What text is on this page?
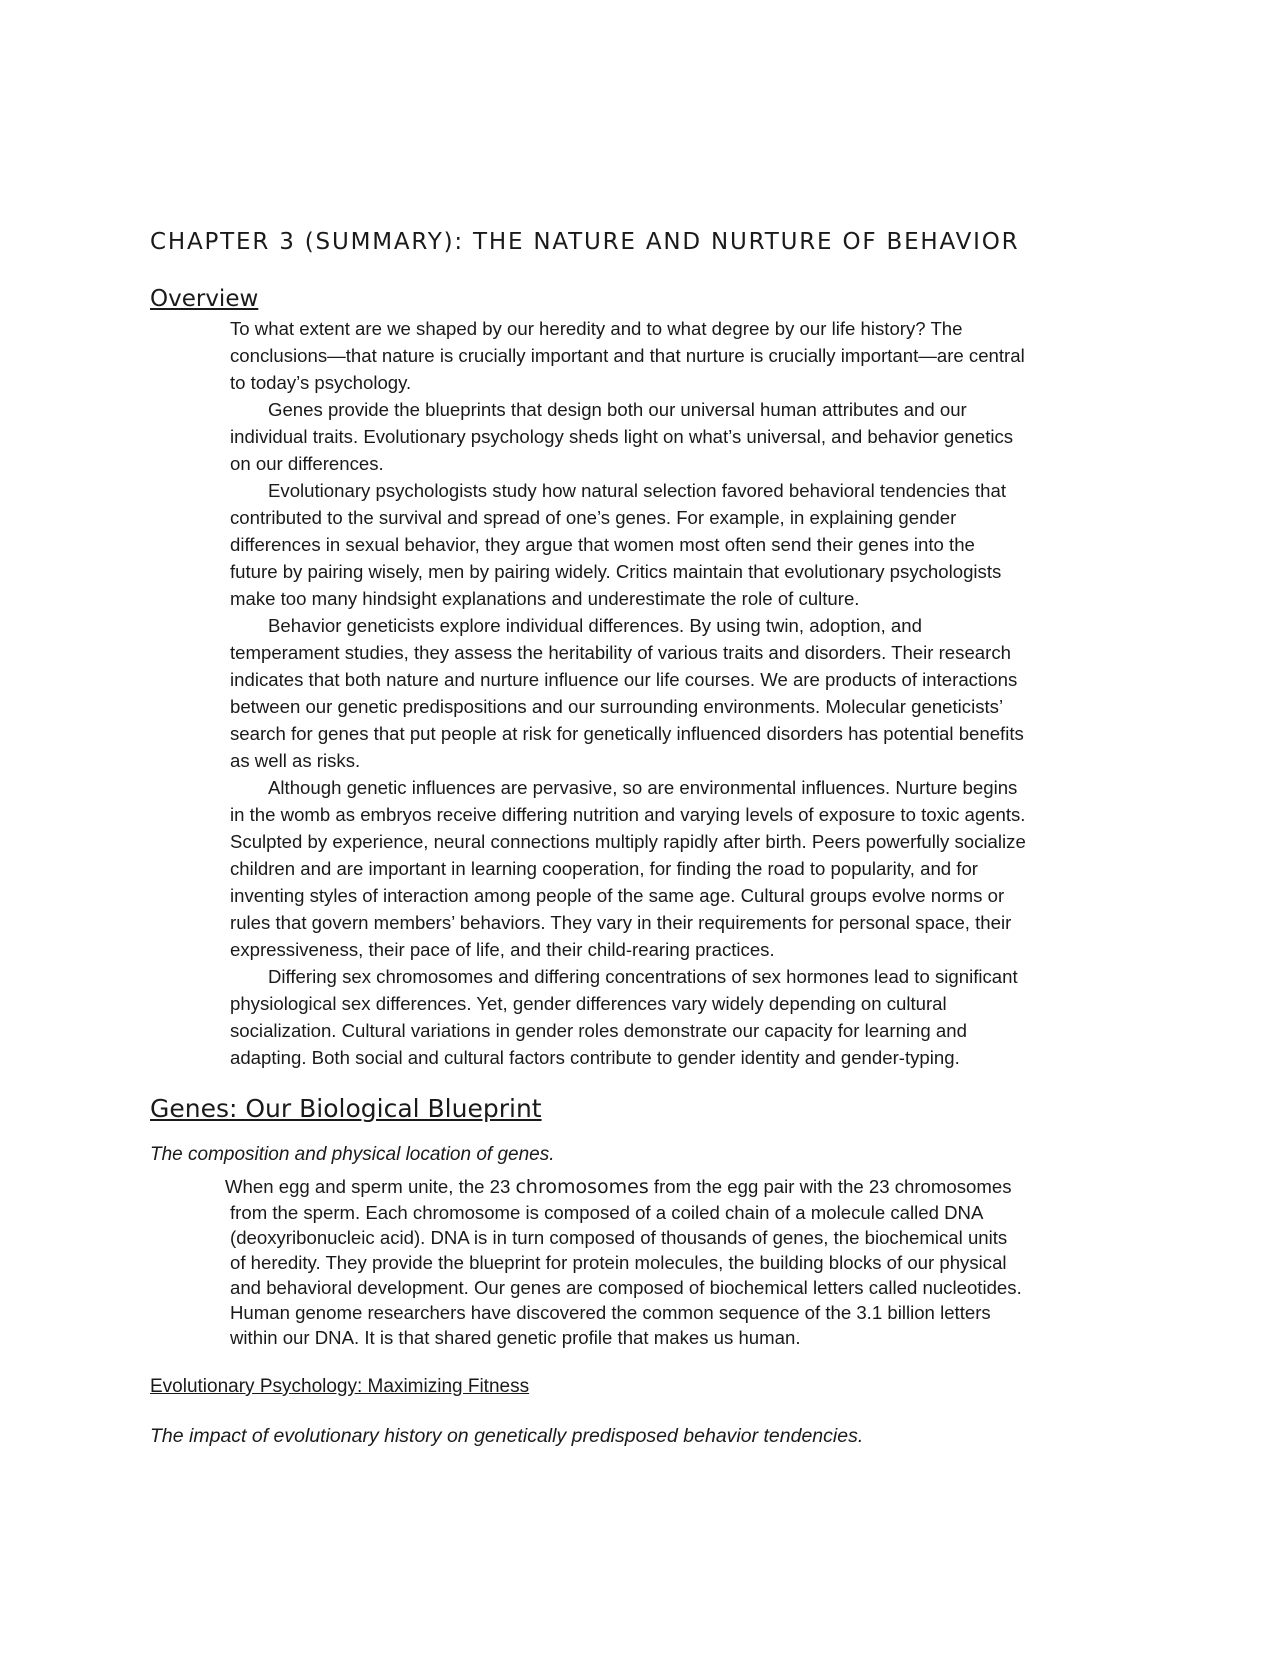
CHAPTER 3 (SUMMARY): THE NATURE AND NURTURE OF BEHAVIOR
Overview

To what extent are we shaped by our heredity and to what degree by our life history? The

conclusions—that nature is crucially important and that nurture is crucially important—are central

to today’s psychology.

Genes provide the blueprints that design both our universal human attributes and our

individual traits. Evolutionary psychology sheds light on what’s universal, and behavior genetics

on our differences.

Evolutionary psychologists study how natural selection favored behavioral tendencies that

contributed to the survival and spread of one’s genes. For example, in explaining gender

differences in sexual behavior, they argue that women most often send their genes into the

future by pairing wisely, men by pairing widely. Critics maintain that evolutionary psychologists

make too many hindsight explanations and underestimate the role of culture.

Behavior geneticists explore individual differences. By using twin, adoption, and

temperament studies, they assess the heritability of various traits and disorders. Their research

indicates that both nature and nurture influence our life courses. We are products of interactions

between our genetic predispositions and our surrounding environments. Molecular geneticists’

search for genes that put people at risk for genetically influenced disorders has potential benefits

as well as risks.

Although genetic influences are pervasive, so are environmental influences. Nurture begins

in the womb as embryos receive differing nutrition and varying levels of exposure to toxic agents.

Sculpted by experience, neural connections multiply rapidly after birth. Peers powerfully socialize

children and are important in learning cooperation, for finding the road to popularity, and for

inventing styles of interaction among people of the same age. Cultural groups evolve norms or

rules that govern members’ behaviors. They vary in their requirements for personal space, their

expressiveness, their pace of life, and their child-rearing practices.

Differing sex chromosomes and differing concentrations of sex hormones lead to significant

physiological sex differences. Yet, gender differences vary widely depending on cultural

socialization. Cultural variations in gender roles demonstrate our capacity for learning and

adapting. Both social and cultural factors contribute to gender identity and gender-typing.

Genes: Our Biological Blueprint

The composition and physical location of genes.

When egg and sperm unite, the 23 chromosomes from the egg pair with the 23 chromosomes

from the sperm. Each chromosome is composed of a coiled chain of a molecule called DNA

(deoxyribonucleic acid). DNA is in turn composed of thousands of genes, the biochemical units

of heredity. They provide the blueprint for protein molecules, the building blocks of our physical

and behavioral development. Our genes are composed of biochemical letters called nucleotides.

Human genome researchers have discovered the common sequence of the 3.1 billion letters

within our DNA. It is that shared genetic profile that makes us human.

Evolutionary Psychology: Maximizing Fitness

The impact of evolutionary history on genetically predisposed behavior tendencies.
